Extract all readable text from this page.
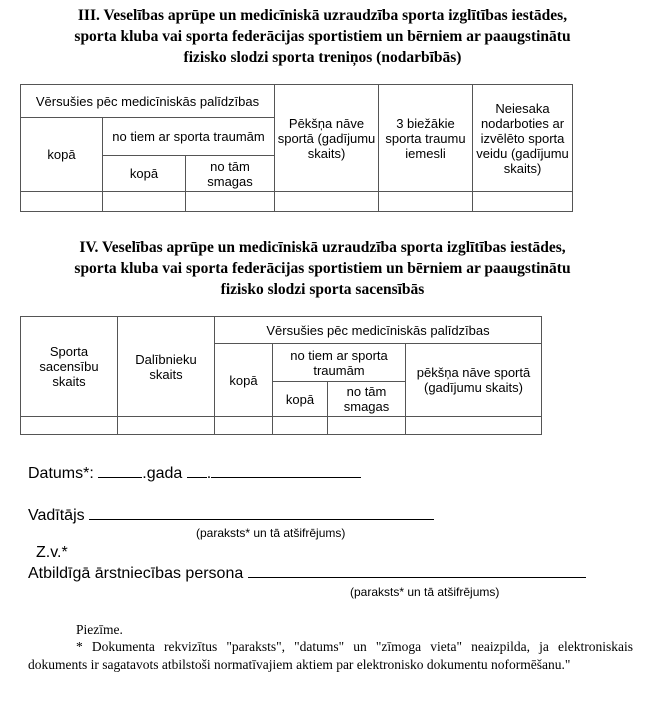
III. Veselības aprūpe un medicīniskā uzraudzība sporta izglītības iestādes,
sporta kluba vai sporta federācijas sportistiem un bērniem ar paaugstinātu
fizisko slodzi sporta treniņos (nodarbībās)
Vērsušies pēc medicīniskās palīdzības			Pēkšņa nāve sportā (gadījumu skaits)	3 biežākie sporta traumu iemesli	Neiesaka nodarboties ar izvēlēto sporta veidu (gadījumu skaits)
kopā	no tiem ar sporta traumām				
	kopā	no tām smagas			

IV. Veselības aprūpe un medicīniskā uzraudzība sporta izglītības iestādes,
sporta kluba vai sporta federācijas sportistiem un bērniem ar paaugstinātu
fizisko slodzi sporta sacensībās
Sporta sacensību skaits	Dalībnieku skaits	Vērsušies pēc medicīniskās palīdzības			
		kopā	no tiem ar sporta traumām		pēkšņa nāve sportā (gadījumu skaits)
			kopā	no tām smagas	

Datums*:	.gada .
Vadītājs
(paraksts* un tā atšifrējums)
Z.v.*
Atbildīgā ārstniecības persona
(paraksts* un tā atšifrējums)
Piezīme.
* Dokumenta rekvizītus "paraksts", "datums" un "zīmoga vieta" neaizpilda, ja elektroniskais dokuments ir sagatavots atbilstoši normatīvajiem aktiem par elektronisko dokumentu noformēšanu."
